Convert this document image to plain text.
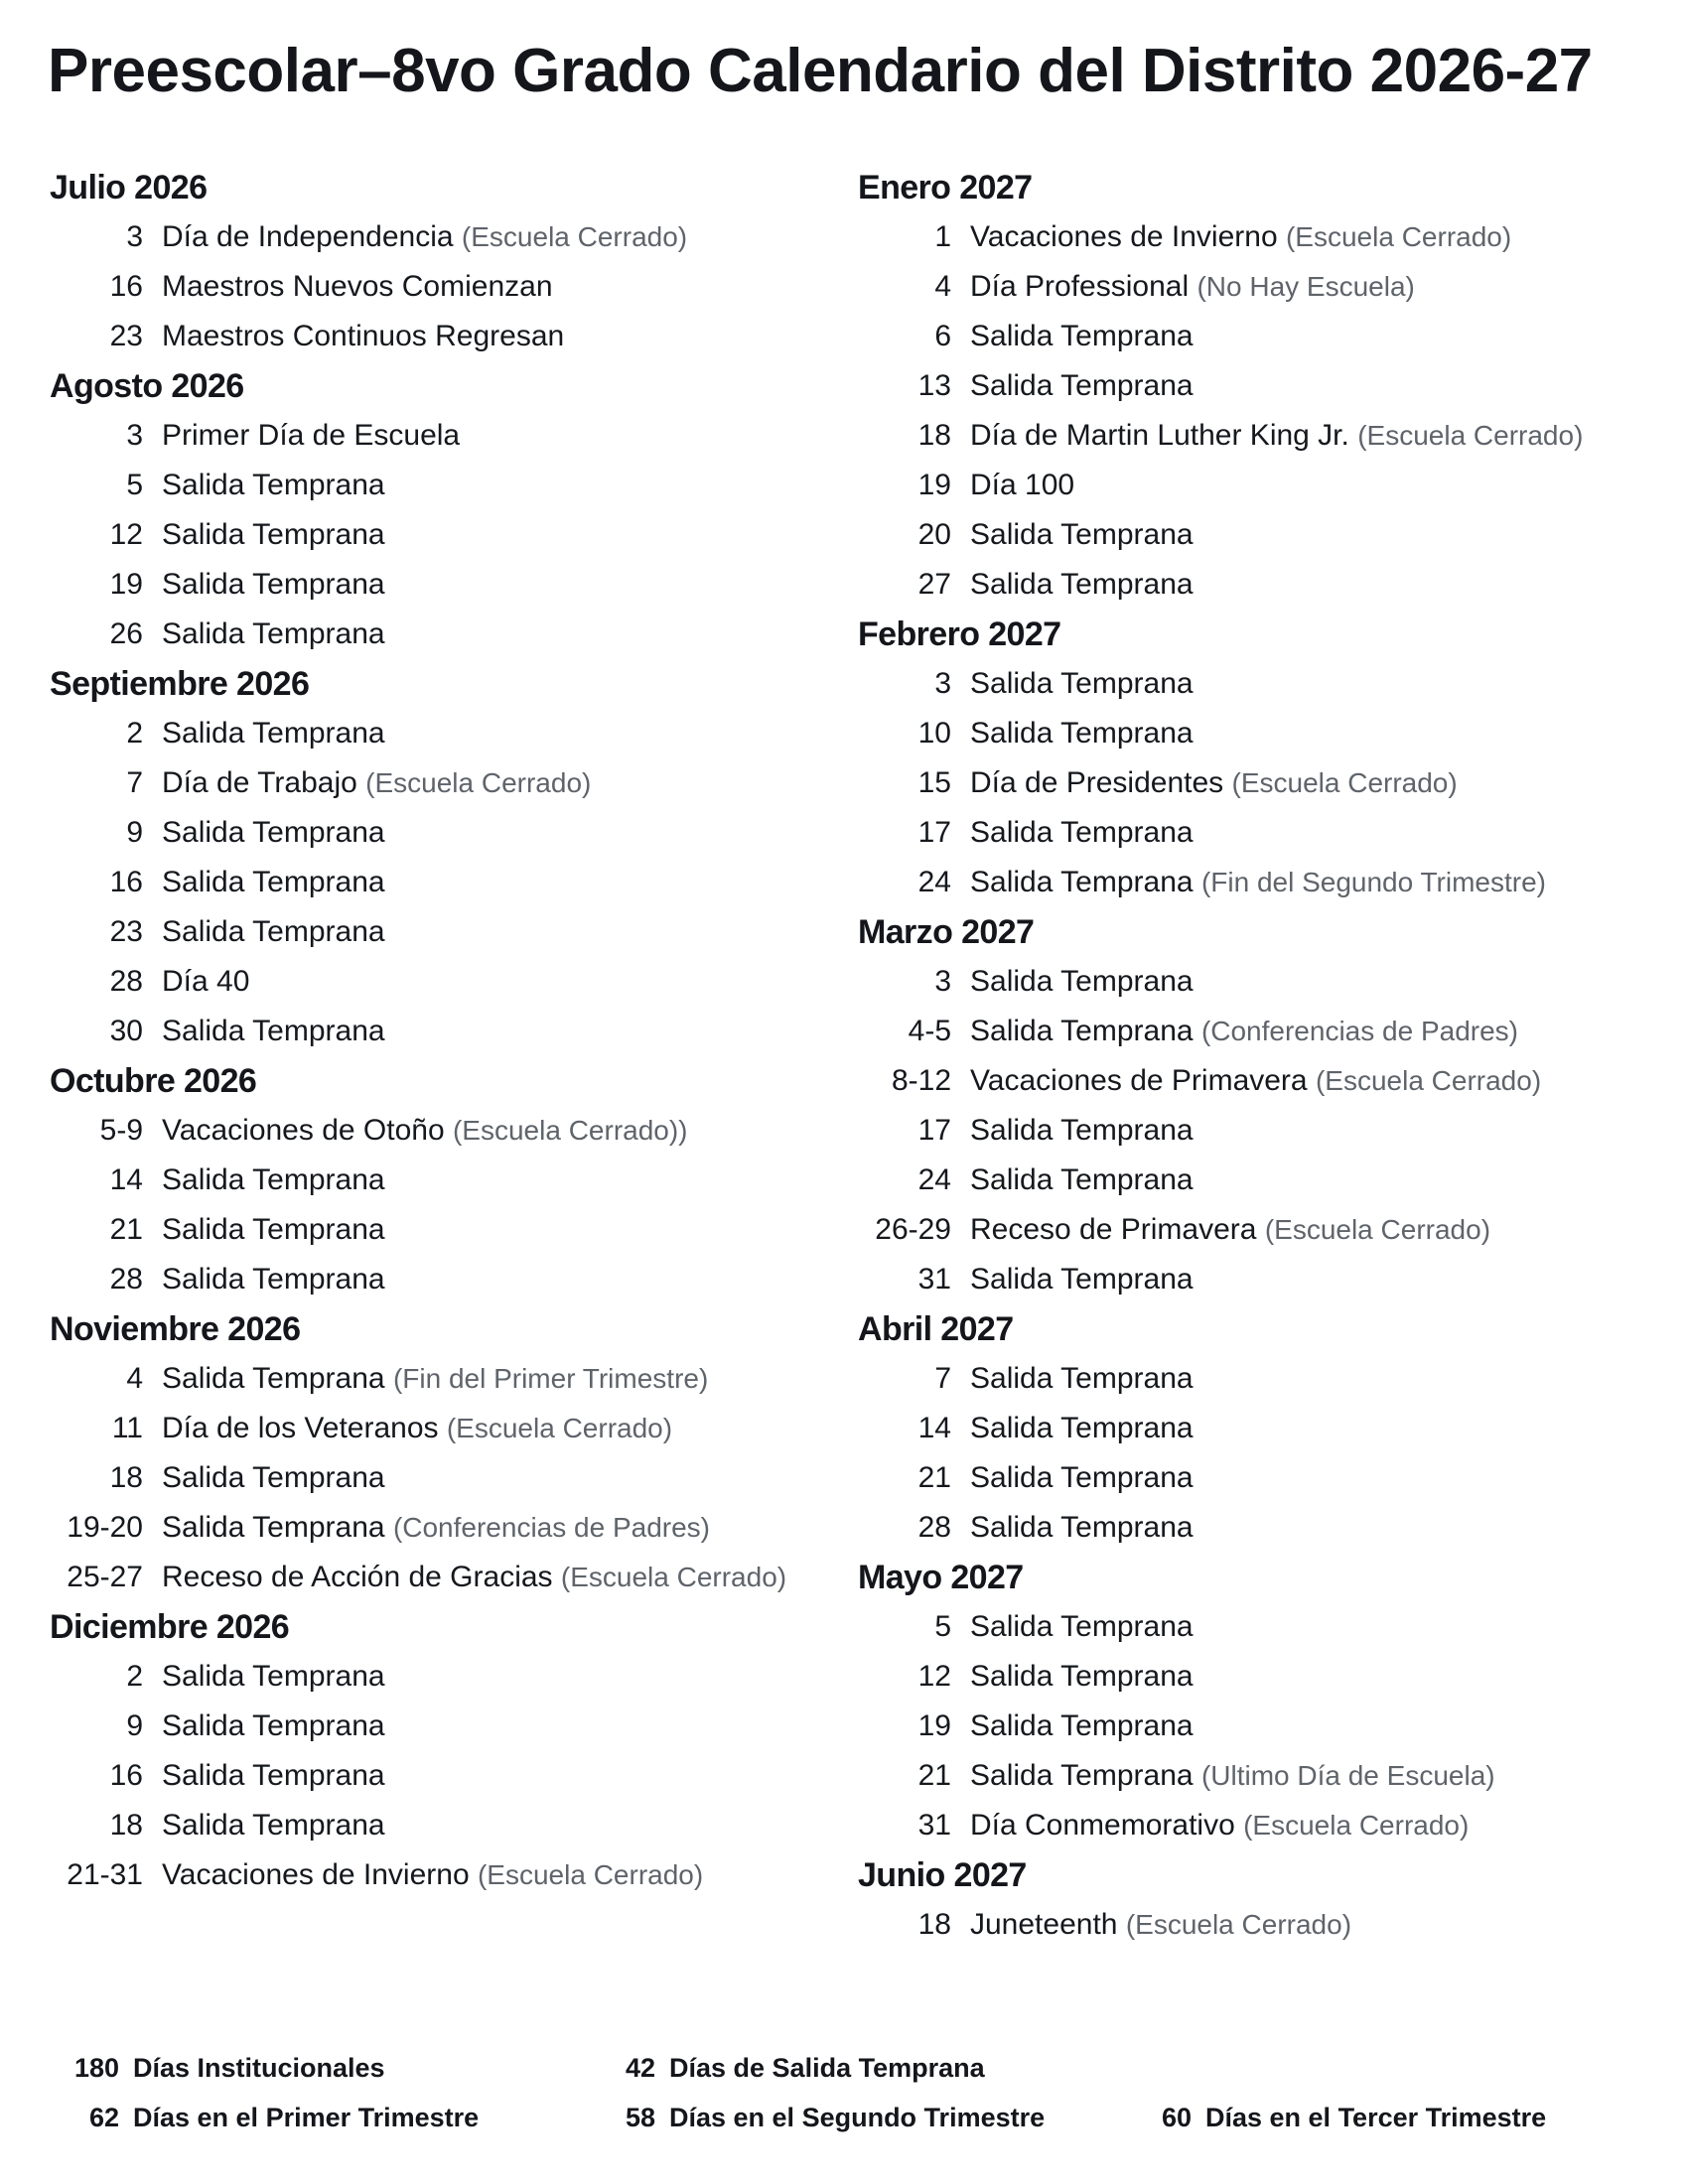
Preescolar–8vo Grado Calendario del Distrito 2026-27
Julio 2026
3 Día de Independencia (Escuela Cerrado)
16 Maestros Nuevos Comienzan
23 Maestros Continuos Regresan
Agosto 2026
3 Primer Día de Escuela
5 Salida Temprana
12 Salida Temprana
19 Salida Temprana
26 Salida Temprana
Septiembre 2026
2 Salida Temprana
7 Día de Trabajo (Escuela Cerrado)
9 Salida Temprana
16 Salida Temprana
23 Salida Temprana
28 Día 40
30 Salida Temprana
Octubre 2026
5-9 Vacaciones de Otoño (Escuela Cerrado))
14 Salida Temprana
21 Salida Temprana
28 Salida Temprana
Noviembre 2026
4 Salida Temprana (Fin del Primer Trimestre)
11 Día de los Veteranos (Escuela Cerrado)
18 Salida Temprana
19-20 Salida Temprana (Conferencias de Padres)
25-27 Receso de Acción de Gracias (Escuela Cerrado)
Diciembre 2026
2 Salida Temprana
9 Salida Temprana
16 Salida Temprana
18 Salida Temprana
21-31 Vacaciones de Invierno (Escuela Cerrado)
Enero 2027
1 Vacaciones de Invierno (Escuela Cerrado)
4 Día Professional (No Hay Escuela)
6 Salida Temprana
13 Salida Temprana
18 Día de Martin Luther King Jr. (Escuela Cerrado)
19 Día 100
20 Salida Temprana
27 Salida Temprana
Febrero 2027
3 Salida Temprana
10 Salida Temprana
15 Día de Presidentes (Escuela Cerrado)
17 Salida Temprana
24 Salida Temprana (Fin del Segundo Trimestre)
Marzo 2027
3 Salida Temprana
4-5 Salida Temprana (Conferencias de Padres)
8-12 Vacaciones de Primavera (Escuela Cerrado)
17 Salida Temprana
24 Salida Temprana
26-29 Receso de Primavera (Escuela Cerrado)
31 Salida Temprana
Abril 2027
7 Salida Temprana
14 Salida Temprana
21 Salida Temprana
28 Salida Temprana
Mayo 2027
5 Salida Temprana
12 Salida Temprana
19 Salida Temprana
21 Salida Temprana (Ultimo Día de Escuela)
31 Día Conmemorativo (Escuela Cerrado)
Junio 2027
18 Juneteenth (Escuela Cerrado)
180 Días Institucionales	42 Días de Salida Temprana
62 Días en el Primer Trimestre	58 Días en el Segundo Trimestre	60 Días en el Tercer Trimestre
